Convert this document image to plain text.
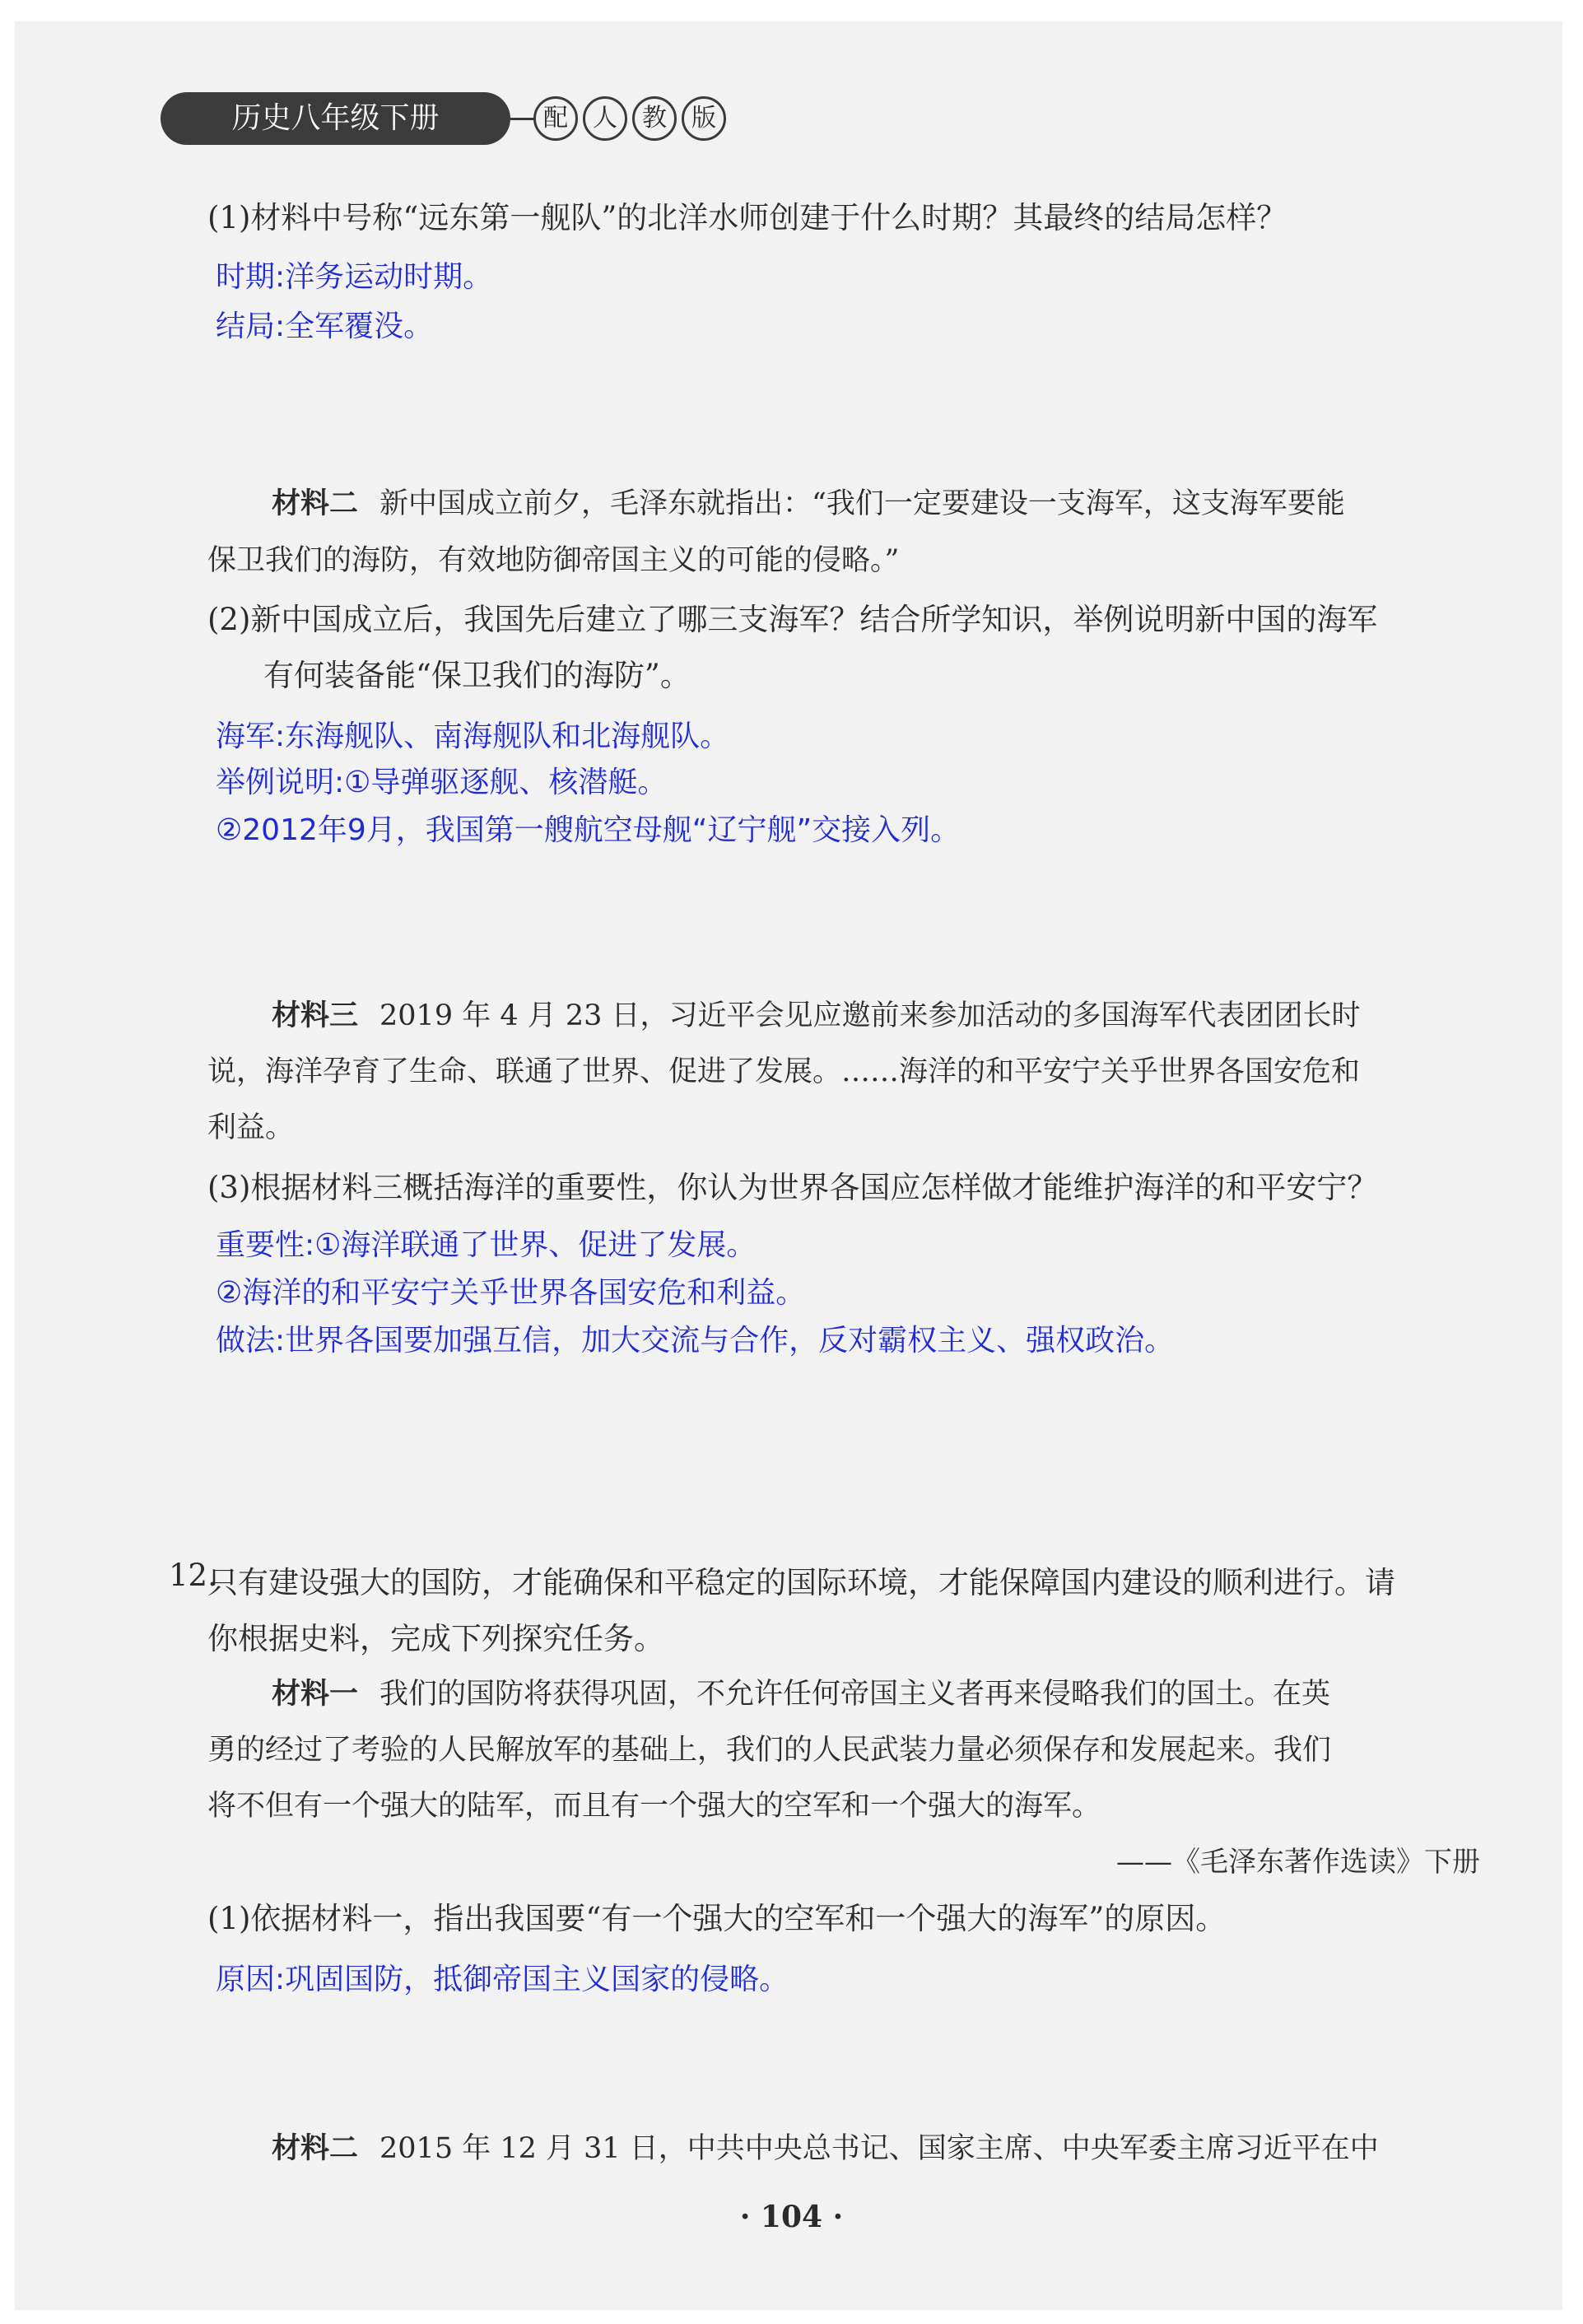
历史八年级下册	配	人	教	版
(1)材料中号称“远东第一舰队”的北洋水师创建于什么时期？其最终的结局怎样？
时期:洋务运动时期。
结局:全军覆没。
材料二 新中国成立前夕，毛泽东就指出：“我们一定要建设一支海军，这支海军要能
保卫我们的海防，有效地防御帝国主义的可能的侵略。”
(2)新中国成立后，我国先后建立了哪三支海军？结合所学知识，举例说明新中国的海军
有何装备能“保卫我们的海防”。
海军:东海舰队、南海舰队和北海舰队。
举例说明:①导弹驱逐舰、核潜艇。
②2012年9月，我国第一艘航空母舰“辽宁舰”交接入列。
材料三 2019 年 4 月 23 日，习近平会见应邀前来参加活动的多国海军代表团团长时
说，海洋孕育了生命、联通了世界、促进了发展。……海洋的和平安宁关乎世界各国安危和
利益。
(3)根据材料三概括海洋的重要性，你认为世界各国应怎样做才能维护海洋的和平安宁？
重要性:①海洋联通了世界、促进了发展。
②海洋的和平安宁关乎世界各国安危和利益。
做法:世界各国要加强互信，加大交流与合作，反对霸权主义、强权政治。
12.
只有建设强大的国防，才能确保和平稳定的国际环境，才能保障国内建设的顺利进行。请
你根据史料，完成下列探究任务。
材料一 我们的国防将获得巩固，不允许任何帝国主义者再来侵略我们的国土。在英
勇的经过了考验的人民解放军的基础上，我们的人民武装力量必须保存和发展起来。我们
将不但有一个强大的陆军，而且有一个强大的空军和一个强大的海军。
——《毛泽东著作选读》下册
(1)依据材料一，指出我国要“有一个强大的空军和一个强大的海军”的原因。
原因:巩固国防，抵御帝国主义国家的侵略。
材料二 2015 年 12 月 31 日，中共中央总书记、国家主席、中央军委主席习近平在中
· 104 ·
